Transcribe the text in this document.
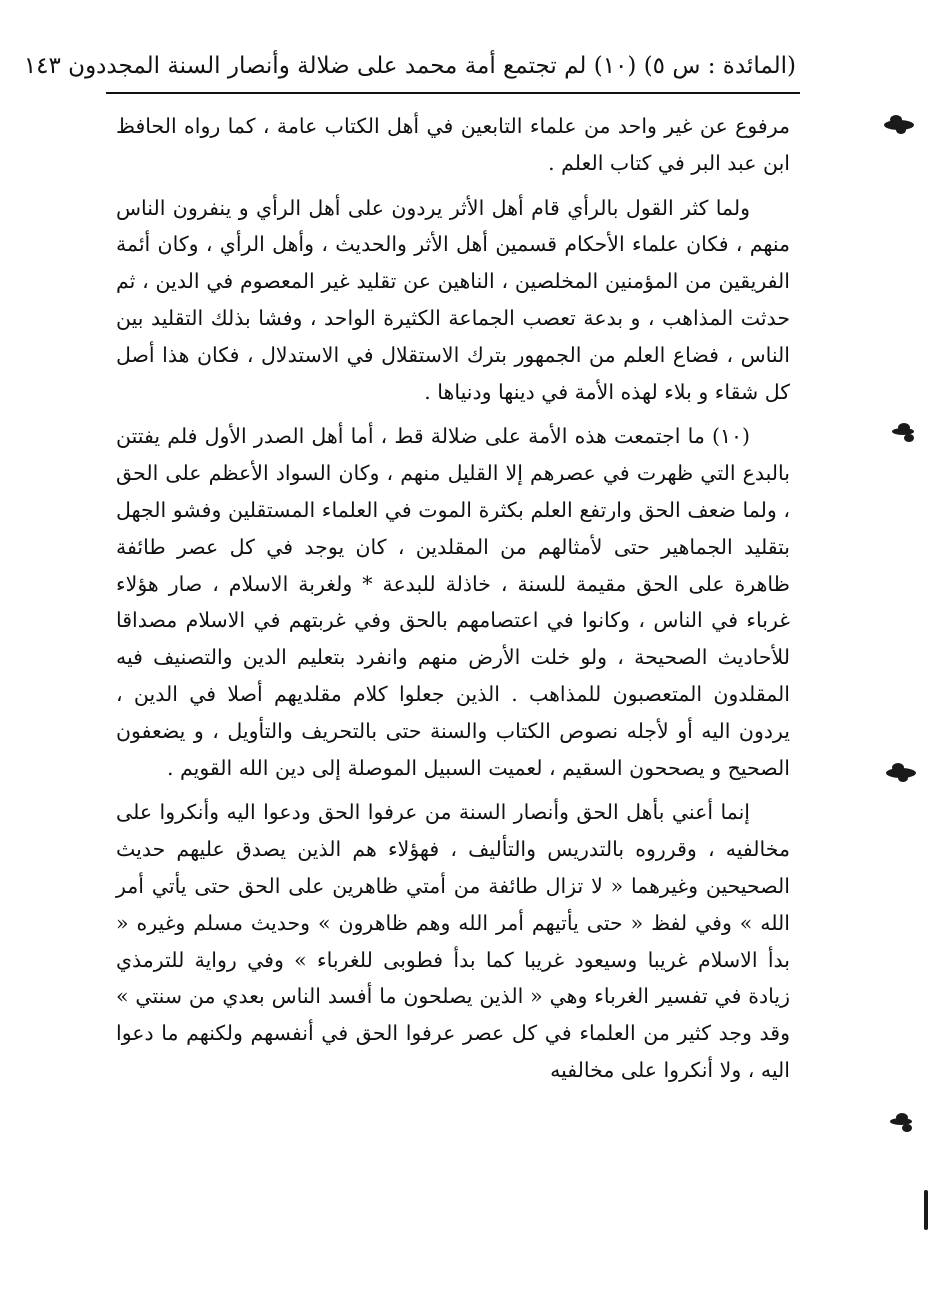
(المائدة : س ٥) (١٠) لم تجتمع أمة محمد على ضلالة وأنصار السنة المجددون ١٤٣

مرفوع عن غير واحد من علماء التابعين في أهل الكتاب عامة ، كما رواه الحافظ ابن عبد البر في كتاب العلم .

ولما كثر القول بالرأي قام أهل الأثر يردون على أهل الرأي و ينفرون الناس منهم ، فكان علماء الأحكام قسمين أهل الأثر والحديث ، وأهل الرأي ، وكان أئمة الفريقين من المؤمنين المخلصين ، الناهين عن تقليد غير المعصوم في الدين ، ثم حدثت المذاهب ، و بدعة تعصب الجماعة الكثيرة الواحد ، وفشا بذلك التقليد بين الناس ، فضاع العلم من الجمهور بترك الاستقلال في الاستدلال ، فكان هذا أصل كل شقاء و بلاء لهذه الأمة في دينها ودنياها .

(١٠) ما اجتمعت هذه الأمة على ضلالة قط ، أما أهل الصدر الأول فلم يفتتن بالبدع التي ظهرت في عصرهم إلا القليل منهم ، وكان السواد الأعظم على الحق ، ولما ضعف الحق وارتفع العلم بكثرة الموت في العلماء المستقلين وفشو الجهل بتقليد الجماهير حتى لأمثالهم من المقلدين ، كان يوجد في كل عصر طائفة ظاهرة على الحق مقيمة للسنة ، خاذلة للبدعة * ولغربة الاسلام ، صار هؤلاء غرباء في الناس ، وكانوا في اعتصامهم بالحق وفي غربتهم في الاسلام مصداقا للأحاديث الصحيحة ، ولو خلت الأرض منهم وانفرد بتعليم الدين والتصنيف فيه المقلدون المتعصبون للمذاهب . الذين جعلوا كلام مقلديهم أصلا في الدين ، يردون اليه أو لأجله نصوص الكتاب والسنة حتى بالتحريف والتأويل ، و يضعفون الصحيح و يصححون السقيم ، لعميت السبيل الموصلة إلى دين الله القويم .

إنما أعني بأهل الحق وأنصار السنة من عرفوا الحق ودعوا اليه وأنكروا على مخالفيه ، وقرروه بالتدريس والتأليف ، فهؤلاء هم الذين يصدق عليهم حديث الصحيحين وغيرهما « لا تزال طائفة من أمتي ظاهرين على الحق حتى يأتي أمر الله » وفي لفظ « حتى يأتيهم أمر الله وهم ظاهرون » وحديث مسلم وغيره « بدأ الاسلام غريبا وسيعود غريبا كما بدأ فطوبى للغرباء » وفي رواية للترمذي زيادة في تفسير الغرباء وهي « الذين يصلحون ما أفسد الناس بعدي من سنتي » وقد وجد كثير من العلماء في كل عصر عرفوا الحق في أنفسهم ولكنهم ما دعوا اليه ، ولا أنكروا على مخالفيه
